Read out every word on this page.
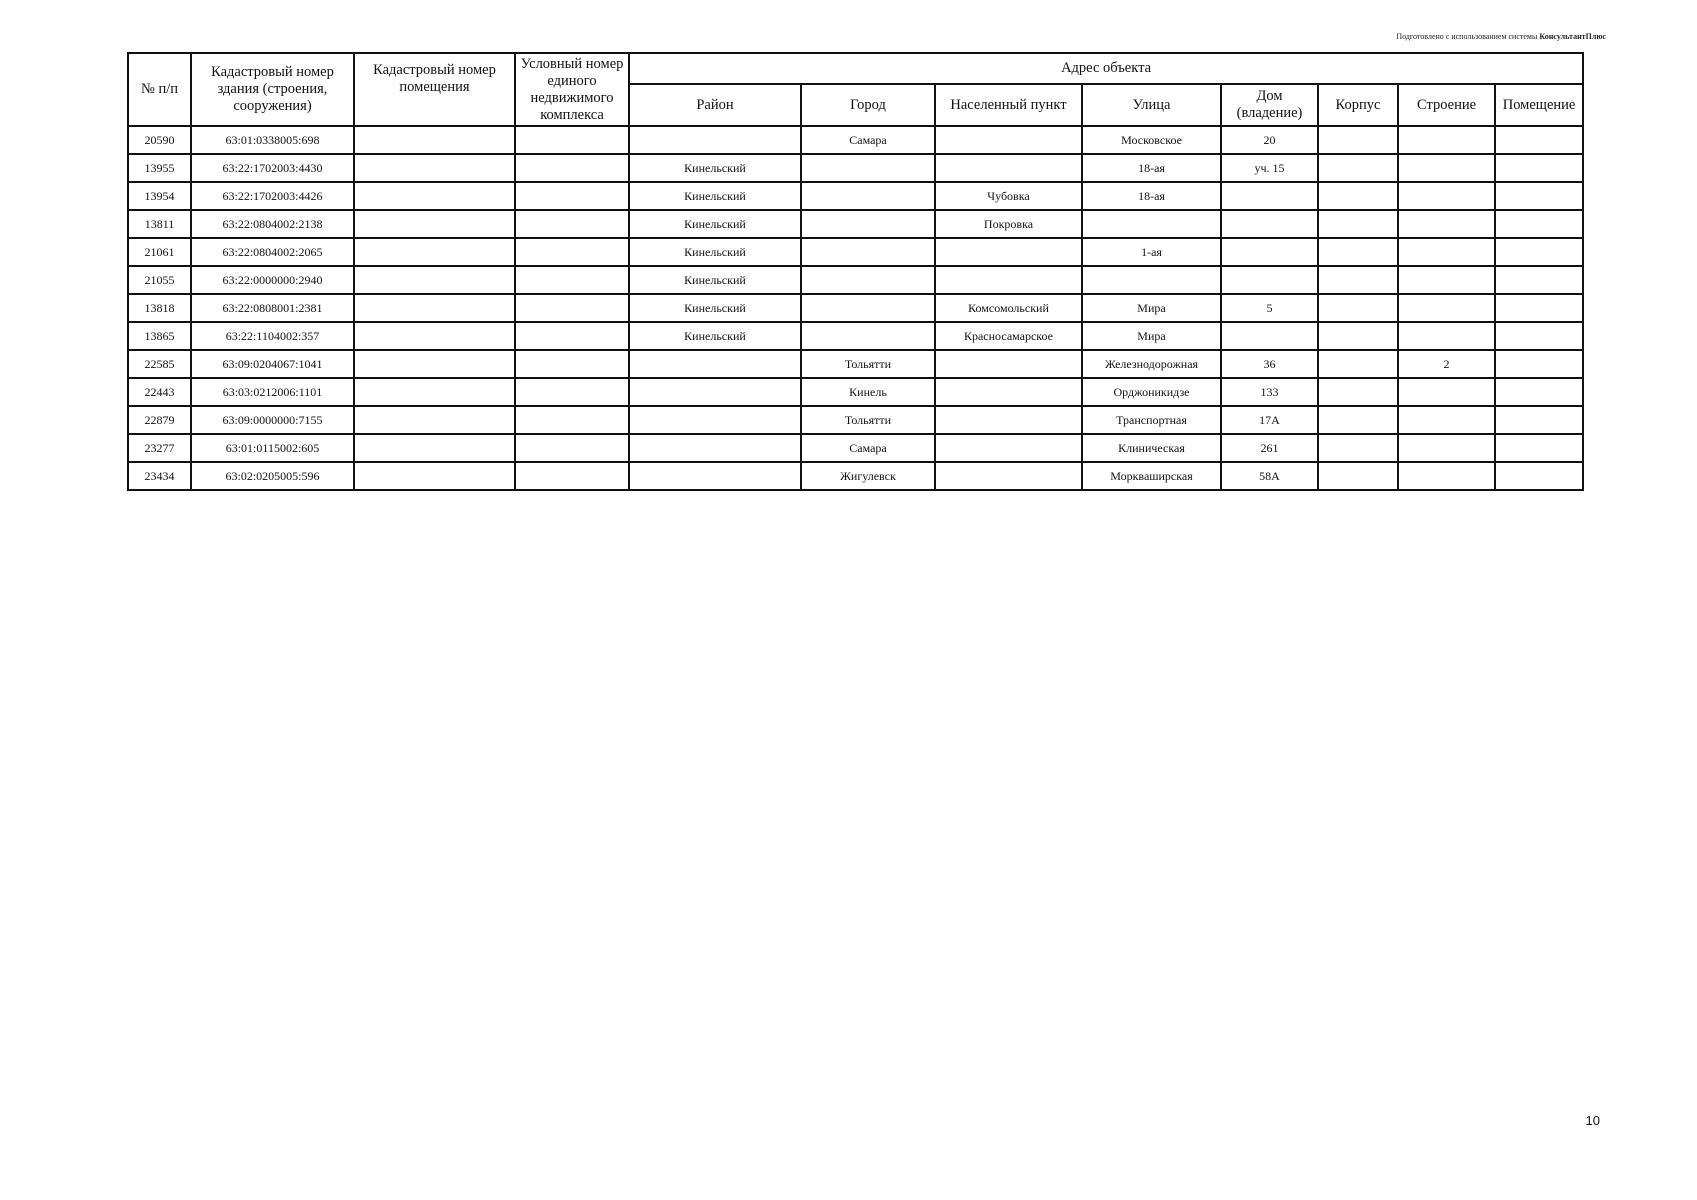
Подготовлено с использованием системы КонсультантПлюс
№ п/п	Кадастровый номер здания (строения, сооружения)	Кадастровый номер помещения	Условный номер единого недвижимого комплекса	Адрес объекта							
				Район	Город	Населенный пункт	Улица	Дом (владение)	Корпус	Строение	Помещение
20590	63:01:0338005:698				Самара		Московское	20			
13955	63:22:1702003:4430			Кинельский			18-ая	уч. 15			
13954	63:22:1702003:4426			Кинельский		Чубовка	18-ая				
13811	63:22:0804002:2138			Кинельский		Покровка					
21061	63:22:0804002:2065			Кинельский			1-ая				
21055	63:22:0000000:2940			Кинельский							
13818	63:22:0808001:2381			Кинельский		Комсомольский	Мира	5			
13865	63:22:1104002:357			Кинельский		Красносамарское	Мира				
22585	63:09:0204067:1041				Тольятти		Железнодорожная	36		2	
22443	63:03:0212006:1101				Кинель		Орджоникидзе	133			
22879	63:09:0000000:7155				Тольятти		Транспортная	17А			
23277	63:01:0115002:605				Самара		Клиническая	261			
23434	63:02:0205005:596				Жигулевск		Моркваширская	58А			
10
